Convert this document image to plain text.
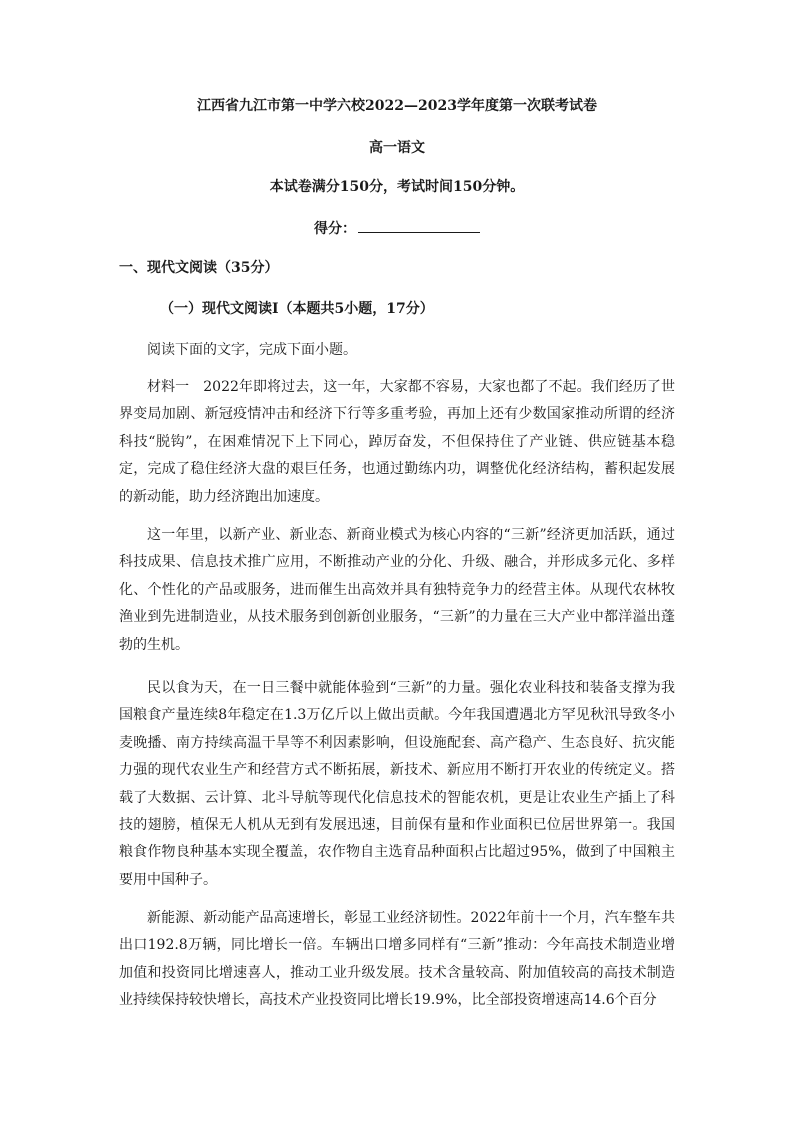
江西省九江市第一中学六校2022—2023学年度第一次联考试卷
高一语文
本试卷满分150分，考试时间150分钟。
得分：
一、现代文阅读（35分）
（一）现代文阅读Ⅰ（本题共5小题，17分）
阅读下面的文字，完成下面小题。

材料一　2022年即将过去，这一年，大家都不容易，大家也都了不起。我们经历了世界变局加剧、新冠疫情冲击和经济下行等多重考验，再加上还有少数国家推动所谓的经济科技“脱钩”，在困难情况下上下同心，踔厉奋发，不但保持住了产业链、供应链基本稳定，完成了稳住经济大盘的艰巨任务，也通过勤练内功，调整优化经济结构，蓄积起发展的新动能，助力经济跑出加速度。

这一年里，以新产业、新业态、新商业模式为核心内容的“三新”经济更加活跃，通过科技成果、信息技术推广应用，不断推动产业的分化、升级、融合，并形成多元化、多样化、个性化的产品或服务，进而催生出高效并具有独特竞争力的经营主体。从现代农林牧渔业到先进制造业，从技术服务到创新创业服务，“三新”的力量在三大产业中都洋溢出蓬勃的生机。

民以食为天，在一日三餐中就能体验到“三新”的力量。强化农业科技和装备支撑为我国粮食产量连续8年稳定在1.3万亿斤以上做出贡献。今年我国遭遇北方罕见秋汛导致冬小麦晚播、南方持续高温干旱等不利因素影响，但设施配套、高产稳产、生态良好、抗灾能力强的现代农业生产和经营方式不断拓展，新技术、新应用不断打开农业的传统定义。搭载了大数据、云计算、北斗导航等现代化信息技术的智能农机，更是让农业生产插上了科技的翅膀，植保无人机从无到有发展迅速，目前保有量和作业面积已位居世界第一。我国粮食作物良种基本实现全覆盖，农作物自主选育品种面积占比超过95%，做到了中国粮主要用中国种子。

新能源、新动能产品高速增长，彰显工业经济韧性。2022年前十一个月，汽车整车共出口192.8万辆，同比增长一倍。车辆出口增多同样有“三新”推动：今年高技术制造业增加值和投资同比增速喜人，推动工业升级发展。技术含量较高、附加值较高的高技术制造业持续保持较快增长，高技术产业投资同比增长19.9%，比全部投资增速高14.6个百分
